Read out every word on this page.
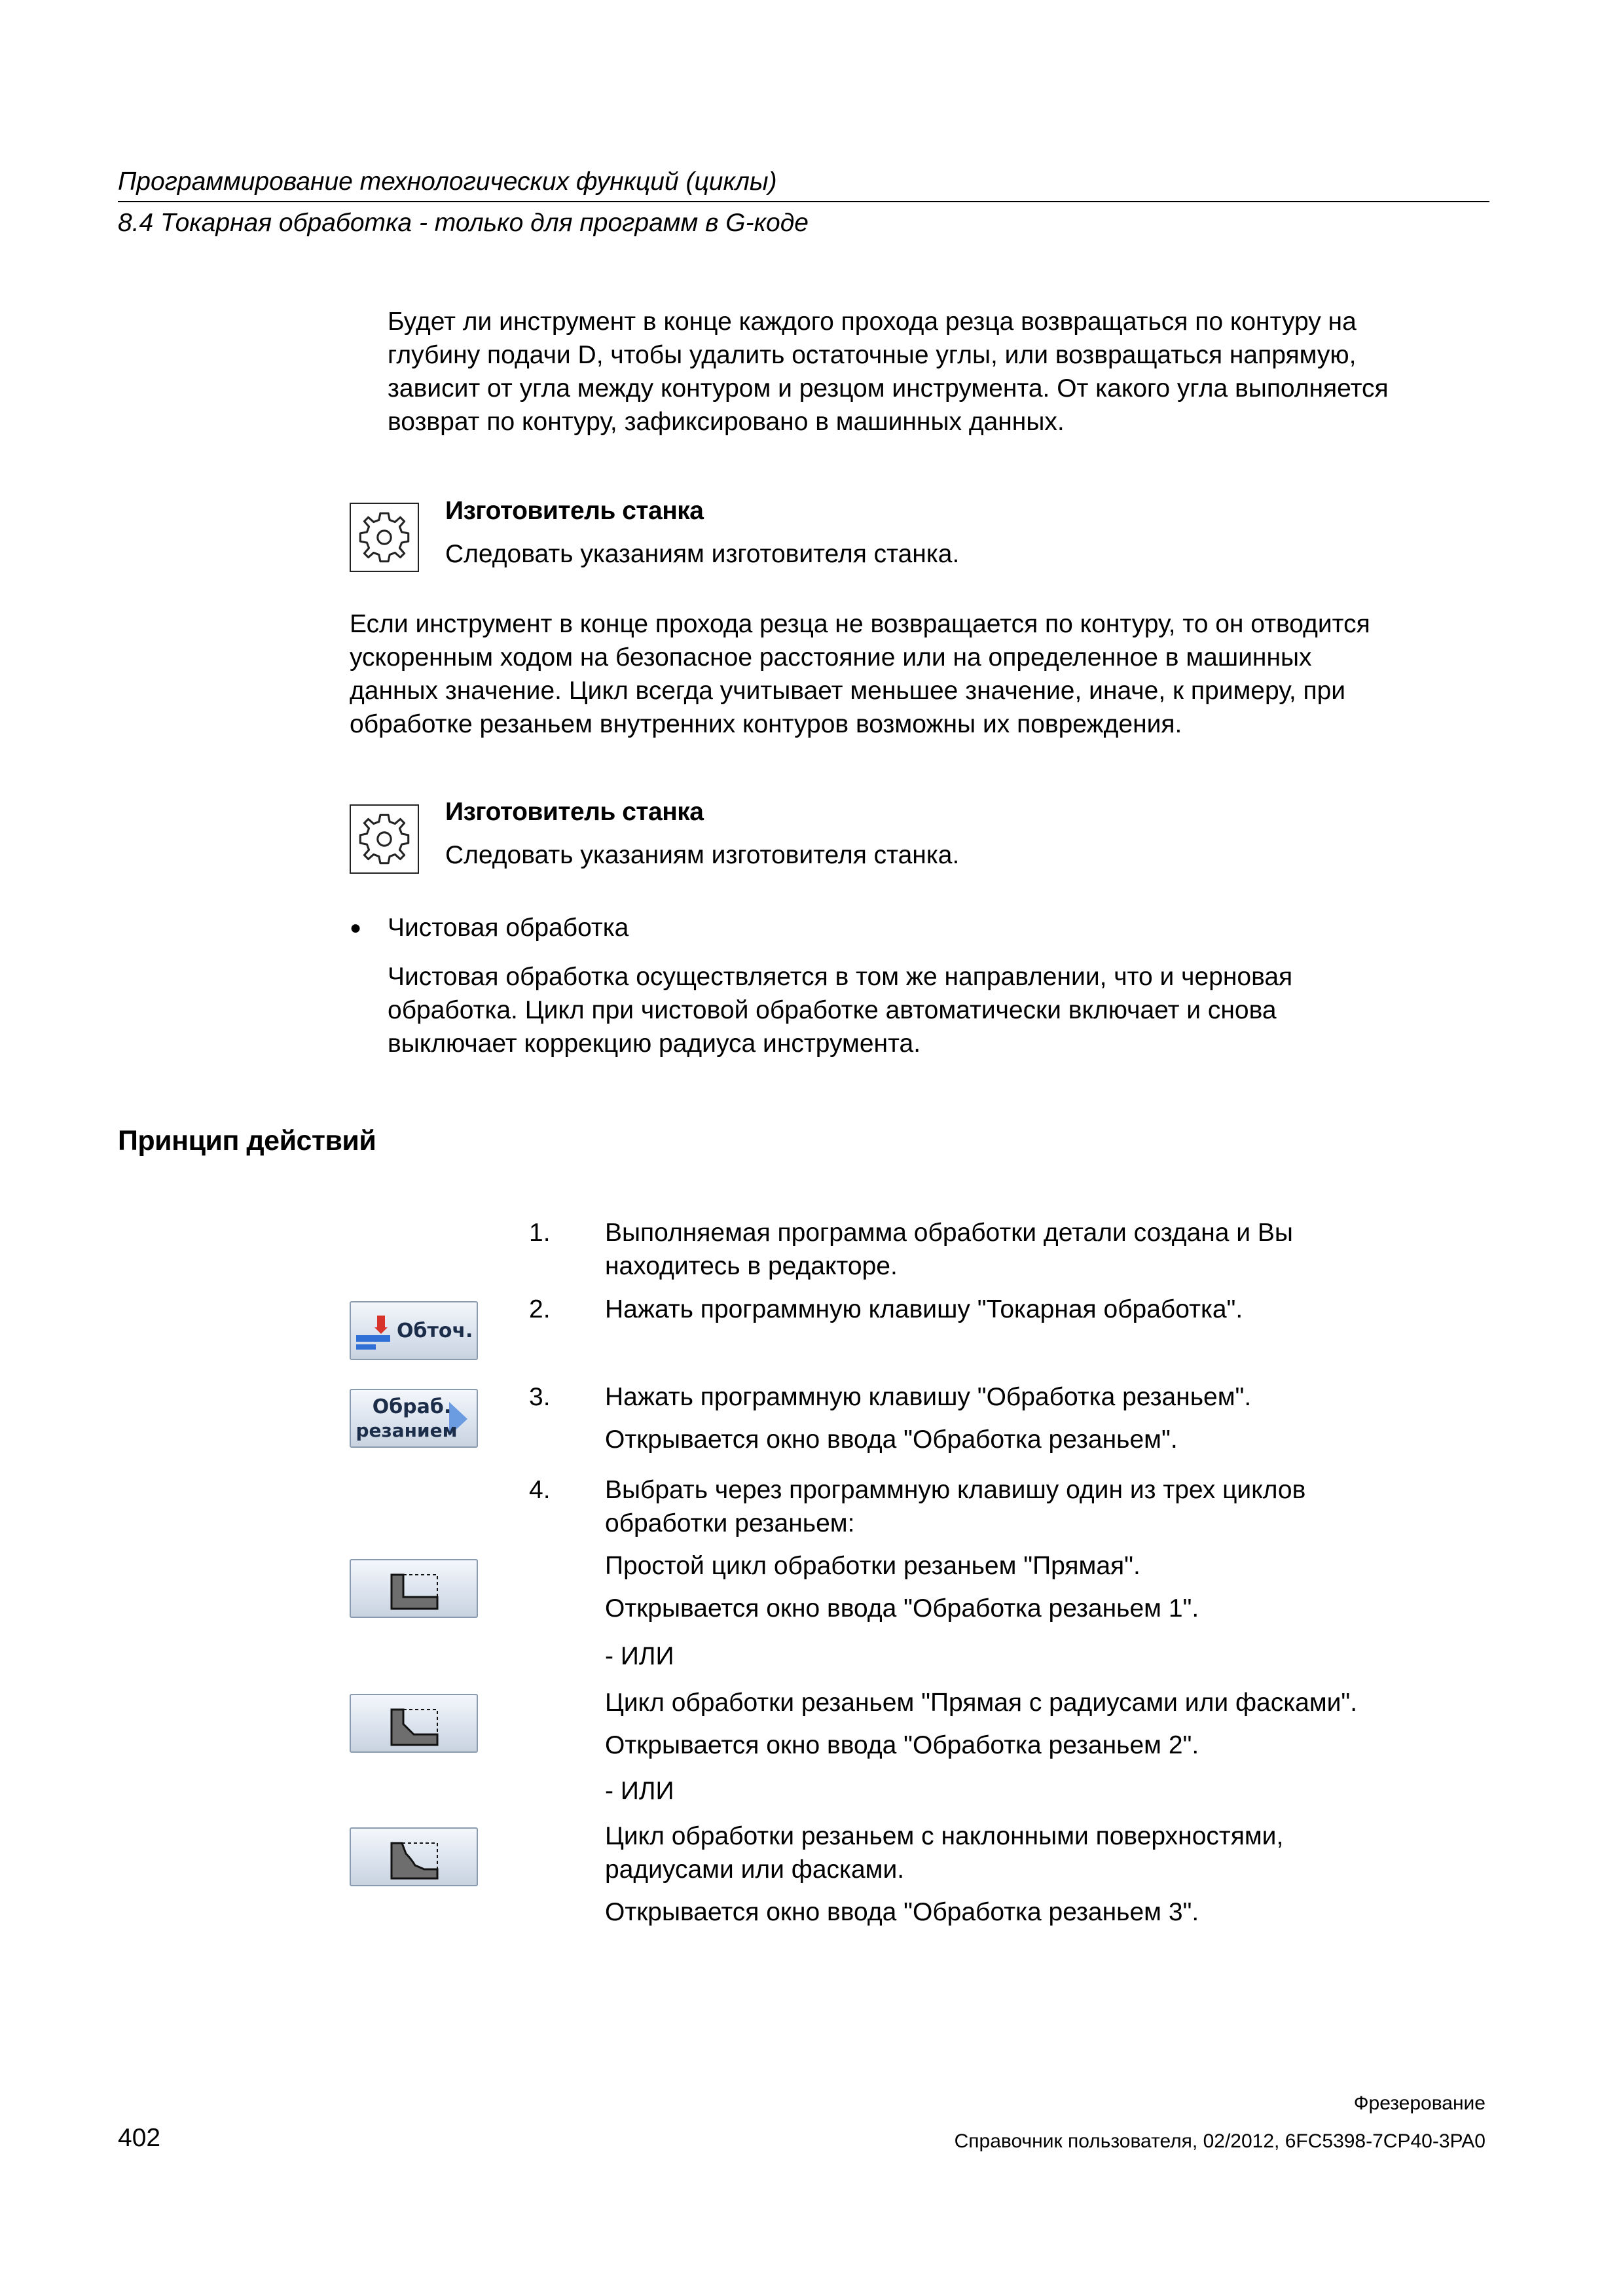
Программирование технологических функций (циклы)
8.4 Токарная обработка - только для программ в G-коде
Будет ли инструмент в конце каждого прохода резца возвращаться по контуру на
глубину подачи D, чтобы удалить остаточные углы, или возвращаться напрямую,
зависит от угла между контуром и резцом инструмента. От какого угла выполняется
возврат по контуру, зафиксировано в машинных данных.
Изготовитель станка
Следовать указаниям изготовителя станка.
Если инструмент в конце прохода резца не возвращается по контуру, то он отводится
ускоренным ходом на безопасное расстояние или на определенное в машинных
данных значение. Цикл всегда учитывает меньшее значение, иначе, к примеру, при
обработке резаньем внутренних контуров возможны их повреждения.
Изготовитель станка
Следовать указаниям изготовителя станка.
● Чистовая обработка
Чистовая обработка осуществляется в том же направлении, что и черновая
обработка. Цикл при чистовой обработке автоматически включает и снова
выключает коррекцию радиуса инструмента.
Принцип действий
1.
2.
3.
4.
Выполняемая программа обработки детали создана и Вы
находитесь в редакторе.
Нажать программную клавишу "Токарная обработка".
Нажать программную клавишу "Обработка резаньем".
Открывается окно ввода "Обработка резаньем".
Выбрать через программную клавишу один из трех циклов
обработки резаньем:
Простой цикл обработки резаньем "Прямая".
Открывается окно ввода "Обработка резаньем 1".
- ИЛИ
Цикл обработки резаньем "Прямая с радиусами или фасками".
Открывается окно ввода "Обработка резаньем 2".
- ИЛИ
Цикл обработки резаньем с наклонными поверхностями,
радиусами или фасками.
Открывается окно ввода "Обработка резаньем 3".
Обточ.
Обраб.
резанием
Фрезерование
402	Справочник пользователя, 02/2012, 6FC5398-7CP40-3PA0
